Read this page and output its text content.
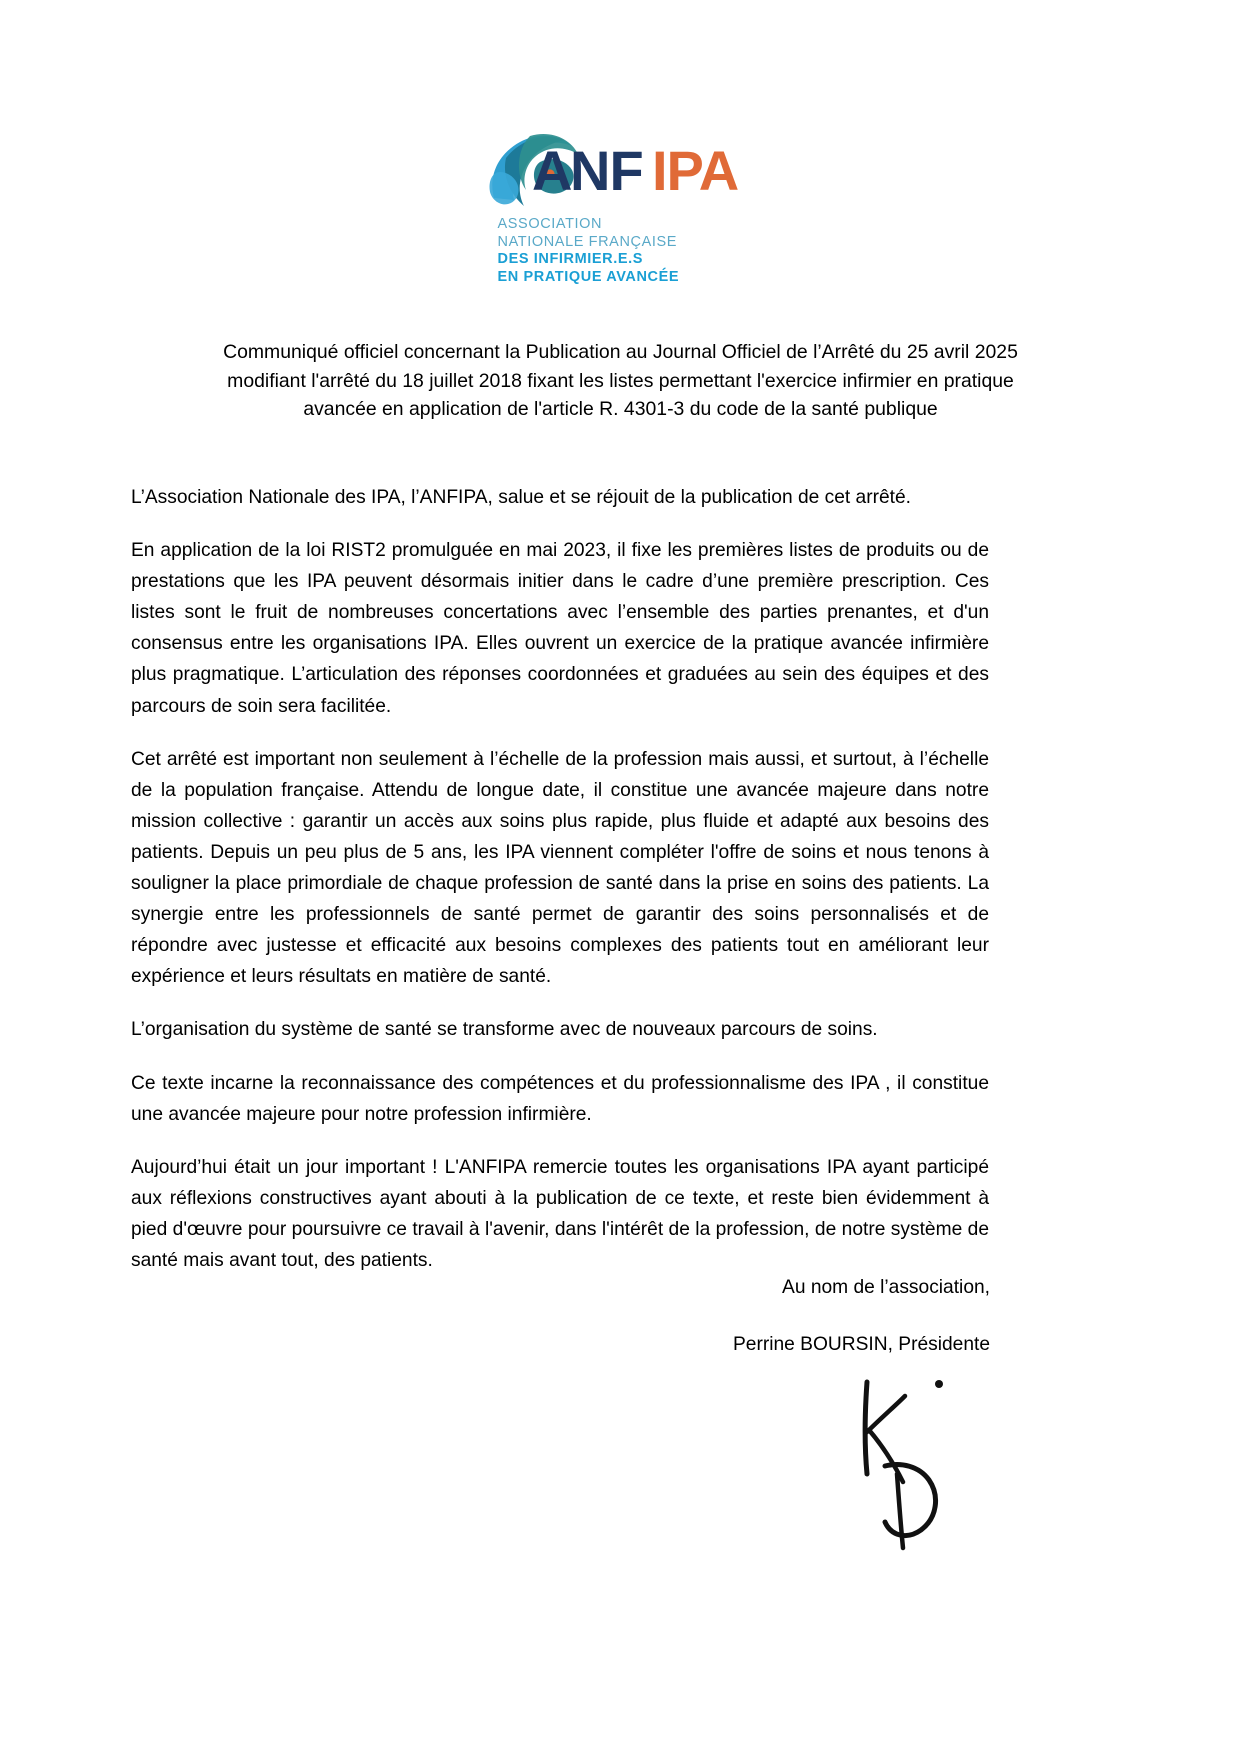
A
NF IPA
ASSOCIATION
NATIONALE FRANÇAISE
DES INFIRMIER.E.S
EN PRATIQUE AVANCÉE
Communiqué officiel concernant la Publication au Journal Officiel de l’Arrêté du 25 avril 2025
modifiant l'arrêté du 18 juillet 2018 fixant les listes permettant l'exercice infirmier en pratique
avancée en application de l'article R. 4301-3 du code de la santé publique

L’Association Nationale des IPA, l’ANFIPA, salue et se réjouit de la publication de cet arrêté.

En application de la loi RIST2 promulguée en mai 2023, il fixe les premières listes de produits ou de prestations que les IPA peuvent désormais initier dans le cadre d’une première prescription. Ces listes sont le fruit de nombreuses concertations avec l’ensemble des parties prenantes, et d'un consensus entre les organisations IPA. Elles ouvrent un exercice de la pratique avancée infirmière plus pragmatique. L’articulation des réponses coordonnées et graduées au sein des équipes et des parcours de soin sera facilitée.

Cet arrêté est important non seulement à l’échelle de la profession mais aussi, et surtout, à l’échelle de la population française. Attendu de longue date, il constitue une avancée majeure dans notre mission collective : garantir un accès aux soins plus rapide, plus fluide et adapté aux besoins des patients. Depuis un peu plus de 5 ans, les IPA viennent compléter l'offre de soins et nous tenons à souligner la place primordiale de chaque profession de santé dans la prise en soins des patients. La synergie entre les professionnels de santé permet de garantir des soins personnalisés et de répondre avec justesse et efficacité aux besoins complexes des patients tout en améliorant leur expérience et leurs résultats en matière de santé.

L’organisation du système de santé se transforme avec de nouveaux parcours de soins.

Ce texte incarne la reconnaissance des compétences et du professionnalisme des IPA , il constitue une avancée majeure pour notre profession infirmière.

Aujourd’hui était un jour important ! L'ANFIPA remercie toutes les organisations IPA ayant participé aux réflexions constructives ayant abouti à la publication de ce texte, et reste bien évidemment à pied d'œuvre pour poursuivre ce travail à l'avenir, dans l'intérêt de la profession, de notre système de santé mais avant tout, des patients.

Au nom de l’association,
Perrine BOURSIN, Présidente
